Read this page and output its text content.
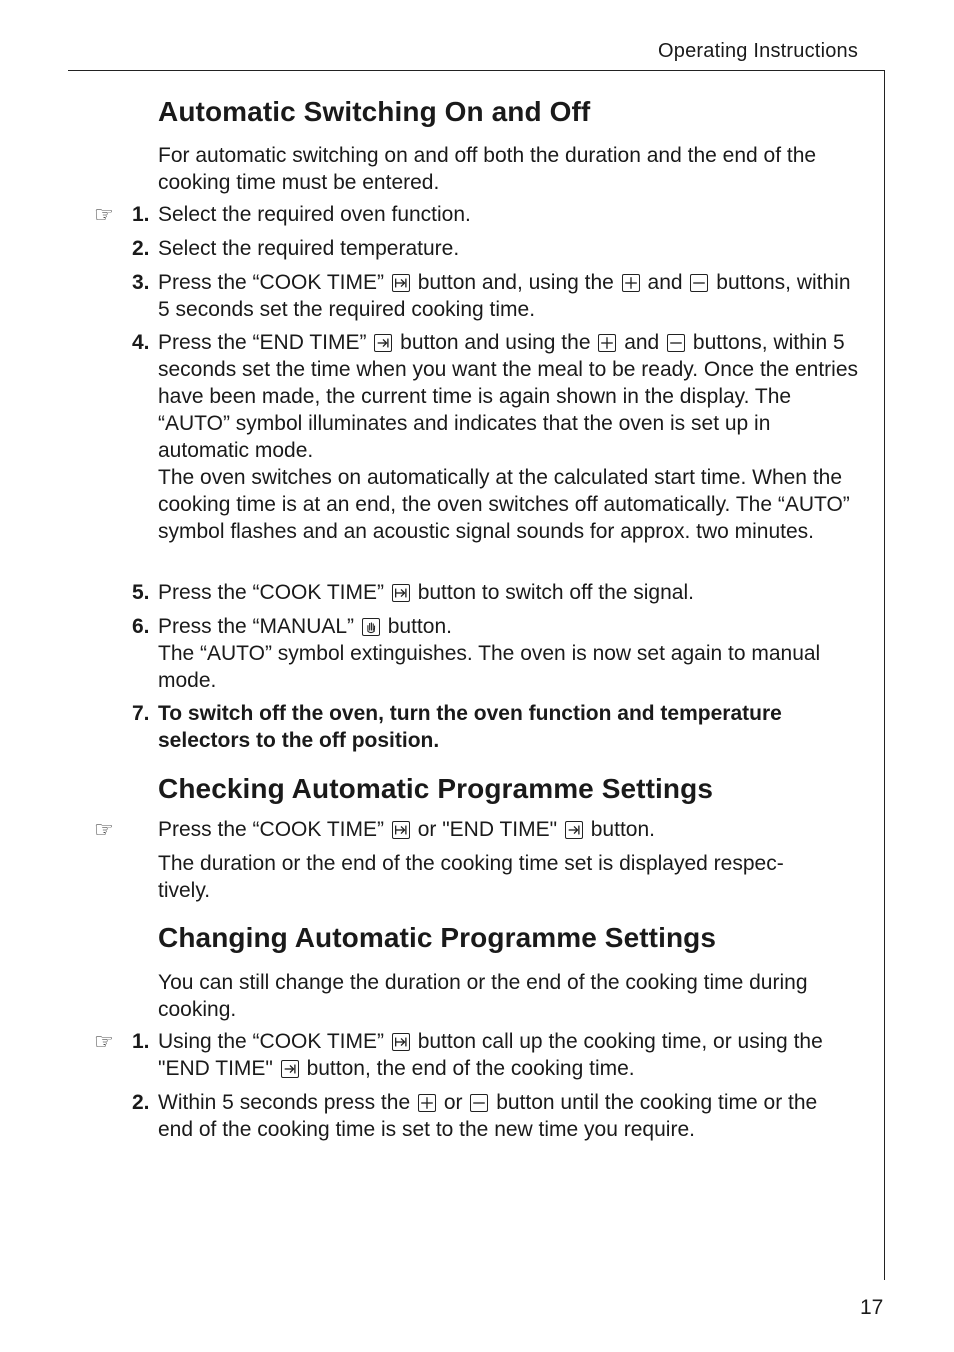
Operating Instructions
Automatic Switching On and Off
For automatic switching on and off both the duration and the end of the cooking time must be entered.
☞ 1. Select the required oven function.
2. Select the required temperature.
3. Press the “COOK TIME” button and, using the and buttons, within 5 seconds set the required cooking time.
4. Press the “END TIME” button and using the and buttons, within 5 seconds set the time when you want the meal to be ready. Once the entries have been made, the current time is again shown in the display. The “AUTO” symbol illuminates and indicates that the oven is set up in automatic mode.
The oven switches on automatically at the calculated start time. When the cooking time is at an end, the oven switches off automatically. The “AUTO” symbol flashes and an acoustic signal sounds for approx. two minutes.
5. Press the “COOK TIME” button to switch off the signal.
6. Press the “MANUAL” button.
The “AUTO” symbol extinguishes. The oven is now set again to manual mode.
7. To switch off the oven, turn the oven function and temperature selectors to the off position.
Checking Automatic Programme Settings
☞ Press the “COOK TIME” or "END TIME" button.
The duration or the end of the cooking time set is displayed respec- tively.
Changing Automatic Programme Settings
You can still change the duration or the end of the cooking time during cooking.
☞ 1. Using the “COOK TIME” button call up the cooking time, or using the "END TIME" button, the end of the cooking time.
2. Within 5 seconds press the or button until the cooking time or the end of the cooking time is set to the new time you require.
17
